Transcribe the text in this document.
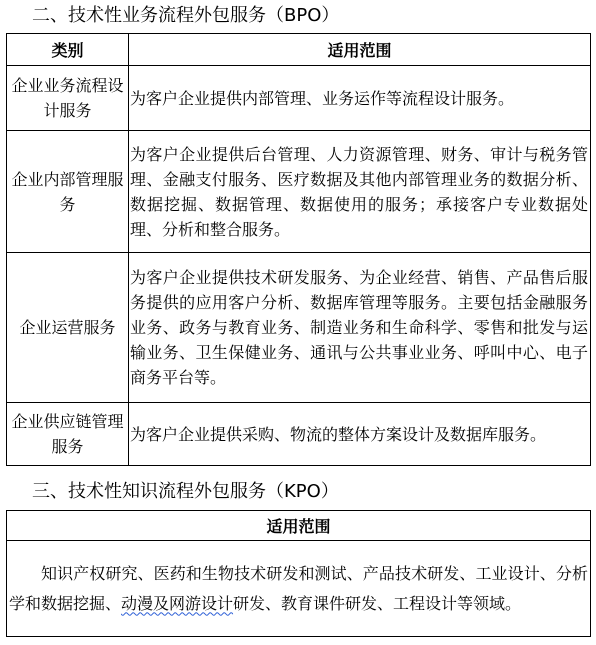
二、技术性业务流程外包服务（BPO）
类别	适用范围
企业业务流程设计服务	为客户企业提供内部管理、业务运作等流程设计服务。
企业内部管理服务	为客户企业提供后台管理、人力资源管理、财务、审计与税务管理、金融支付服务、医疗数据及其他内部管理业务的数据分析、数据挖掘、数据管理、数据使用的服务；承接客户专业数据处理、分析和整合服务。
企业运营服务	为客户企业提供技术研发服务、为企业经营、销售、产品售后服务提供的应用客户分析、数据库管理等服务。主要包括金融服务业务、政务与教育业务、制造业务和生命科学、零售和批发与运输业务、卫生保健业务、通讯与公共事业业务、呼叫中心、电子商务平台等。
企业供应链管理服务	为客户企业提供采购、物流的整体方案设计及数据库服务。
三、技术性知识流程外包服务（KPO）
适用范围
知识产权研究、医药和生物技术研发和测试、产品技术研发、工业设计、分析学和数据挖掘、动漫及网游设计研发、教育课件研发、工程设计等领域。
